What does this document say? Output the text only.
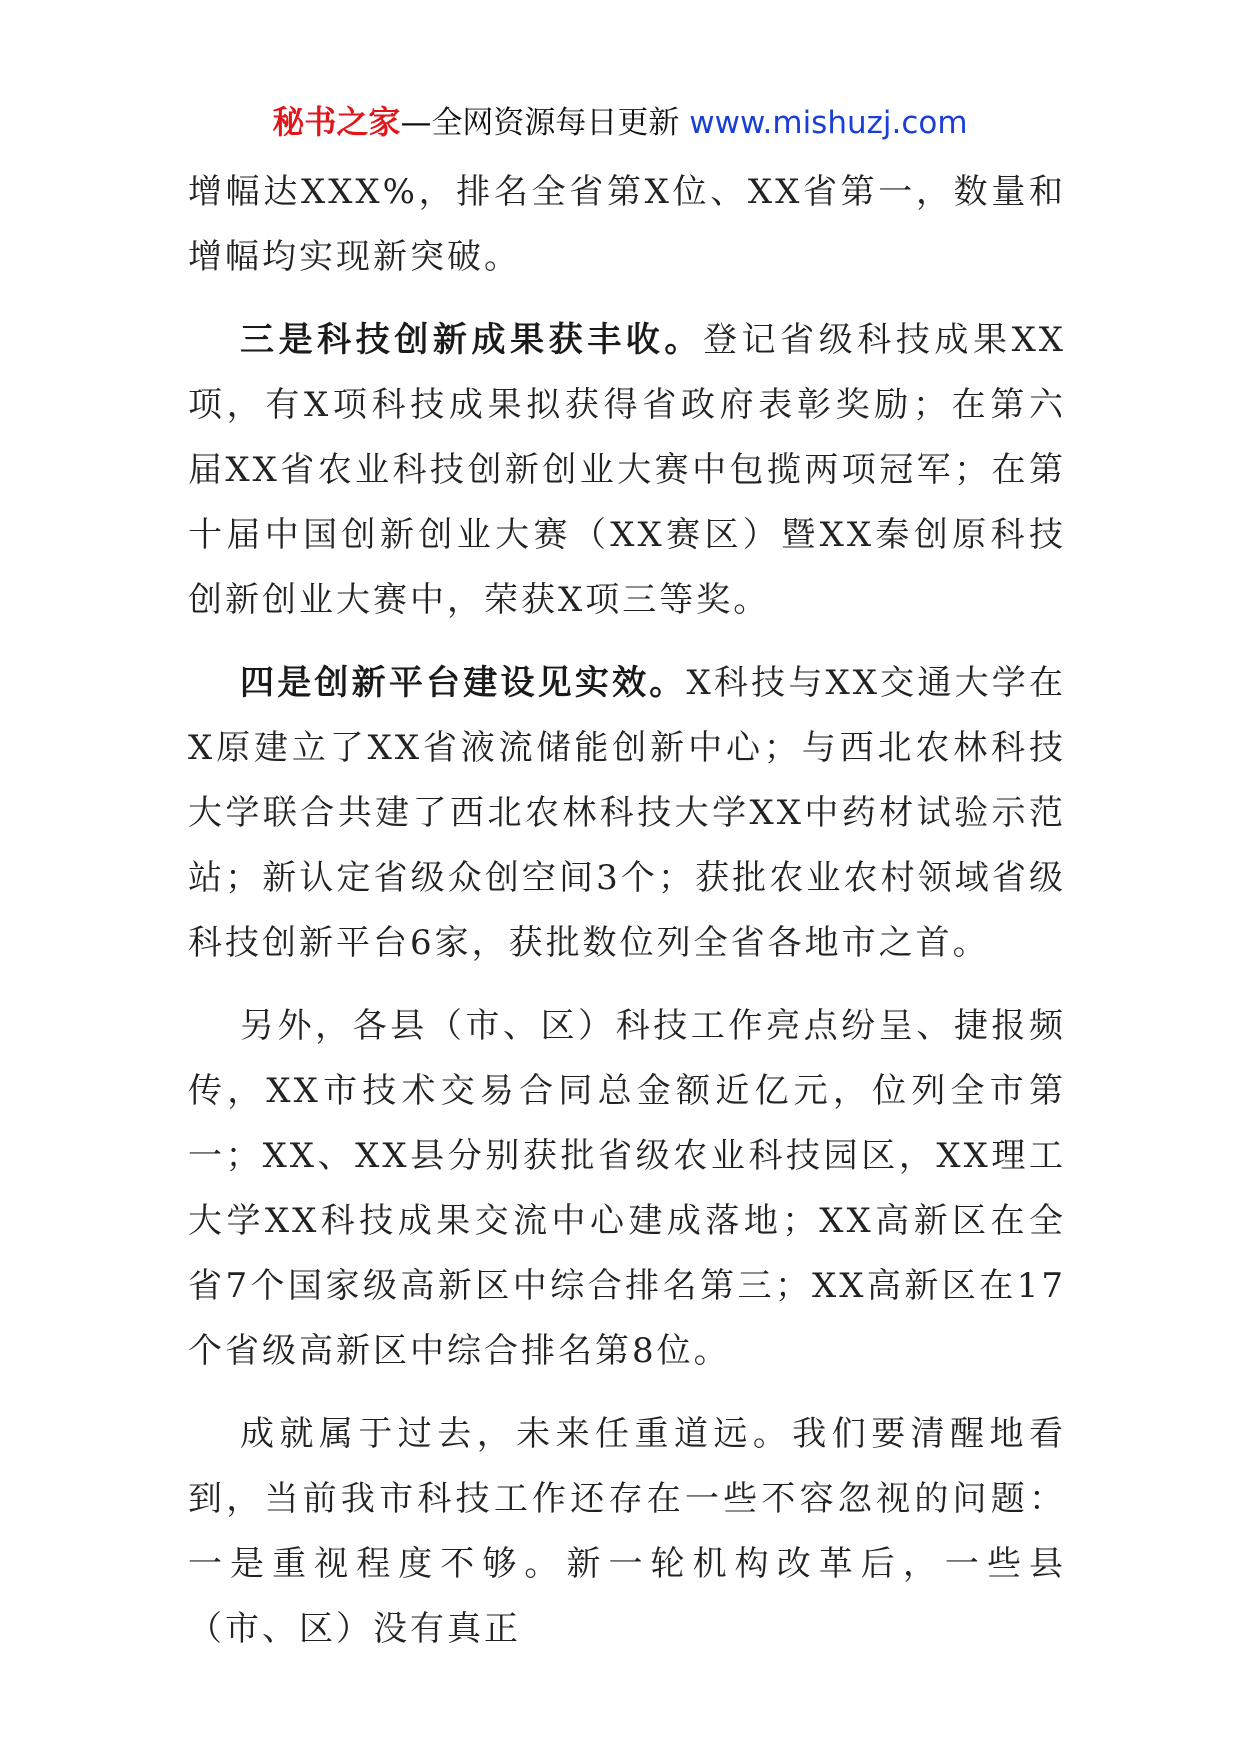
秘书之家—全网资源每日更新 www.mishuzj.com

增幅达XXX%，排名全省第X位、XX省第一，数量和增幅均实现新突破。

三是科技创新成果获丰收。登记省级科技成果XX项，有X项科技成果拟获得省政府表彰奖励；在第六届XX省农业科技创新创业大赛中包揽两项冠军；在第十届中国创新创业大赛（XX赛区）暨XX秦创原科技创新创业大赛中，荣获X项三等奖。

四是创新平台建设见实效。X科技与XX交通大学在X原建立了XX省液流储能创新中心；与西北农林科技大学联合共建了西北农林科技大学XX中药材试验示范站；新认定省级众创空间3个；获批农业农村领域省级科技创新平台6家，获批数位列全省各地市之首。

另外，各县（市、区）科技工作亮点纷呈、捷报频传，XX市技术交易合同总金额近亿元，位列全市第一；XX、XX县分别获批省级农业科技园区，XX理工大学XX科技成果交流中心建成落地；XX高新区在全省7个国家级高新区中综合排名第三；XX高新区在17个省级高新区中综合排名第8位。

成就属于过去，未来任重道远。我们要清醒地看到，当前我市科技工作还存在一些不容忽视的问题：一是重视程度不够。新一轮机构改革后，一些县（市、区）没有真正
